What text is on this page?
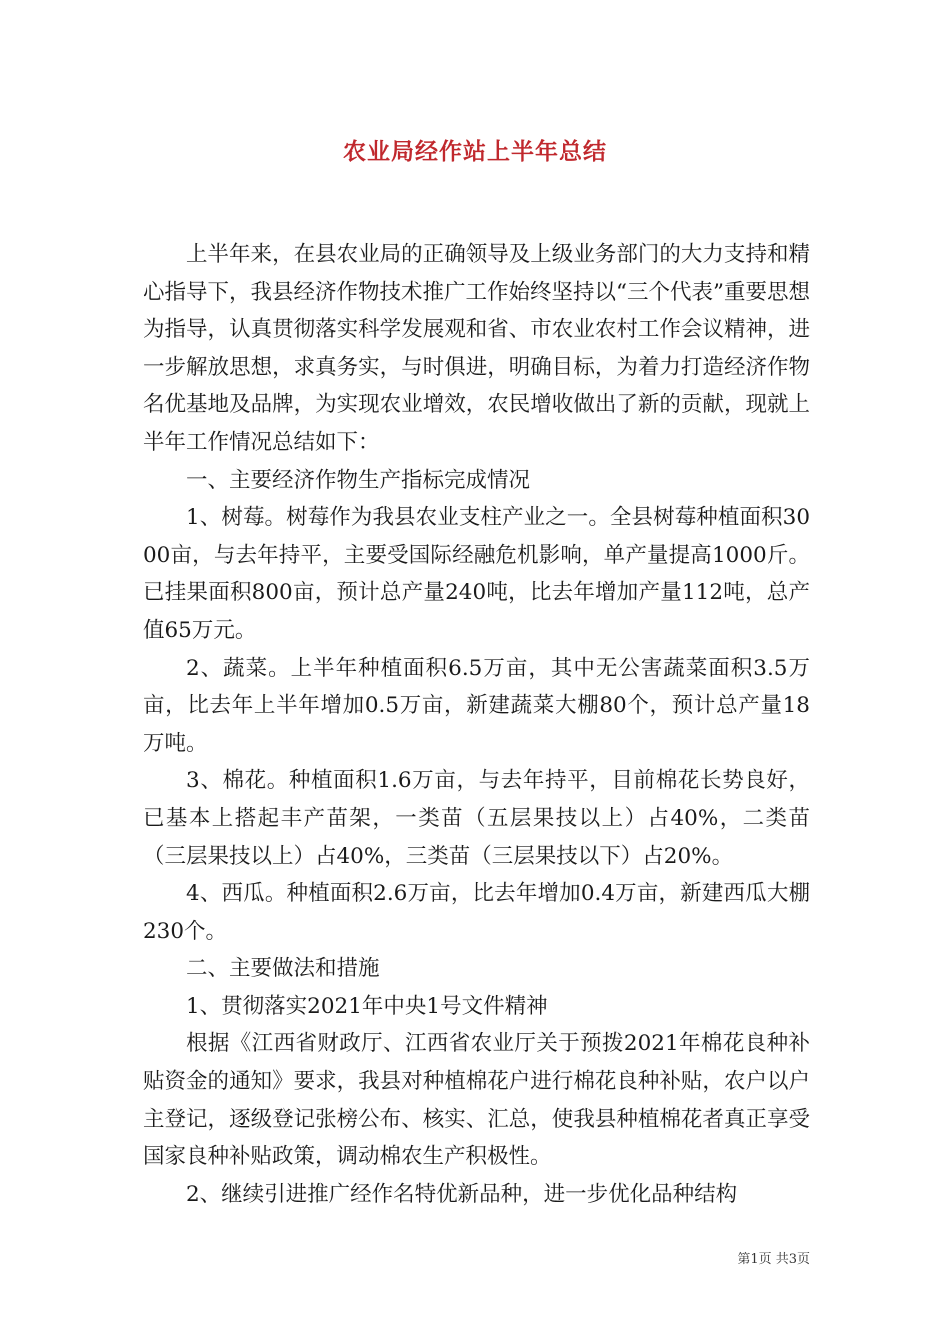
农业局经作站上半年总结

上半年来，在县农业局的正确领导及上级业务部门的大力支持和精心指导下，我县经济作物技术推广工作始终坚持以“三个代表”重要思想为指导，认真贯彻落实科学发展观和省、市农业农村工作会议精神，进一步解放思想，求真务实，与时俱进，明确目标，为着力打造经济作物名优基地及品牌，为实现农业增效，农民增收做出了新的贡献，现就上半年工作情况总结如下：

一、主要经济作物生产指标完成情况

1、树莓。树莓作为我县农业支柱产业之一。全县树莓种植面积3000亩，与去年持平，主要受国际经融危机影响，单产量提高1000斤。已挂果面积800亩，预计总产量240吨，比去年增加产量112吨，总产值65万元。

2、蔬菜。上半年种植面积6.5万亩，其中无公害蔬菜面积3.5万亩，比去年上半年增加0.5万亩，新建蔬菜大棚80个，预计总产量18万吨。

3、棉花。种植面积1.6万亩，与去年持平，目前棉花长势良好，已基本上搭起丰产苗架，一类苗（五层果技以上）占40%，二类苗（三层果技以上）占40%，三类苗（三层果技以下）占20%。

4、西瓜。种植面积2.6万亩，比去年增加0.4万亩，新建西瓜大棚230个。

二、主要做法和措施

1、贯彻落实2021年中央1号文件精神

根据《江西省财政厅、江西省农业厅关于预拨2021年棉花良种补贴资金的通知》要求，我县对种植棉花户进行棉花良种补贴，农户以户主登记，逐级登记张榜公布、核实、汇总，使我县种植棉花者真正享受国家良种补贴政策，调动棉农生产积极性。

2、继续引进推广经作名特优新品种，进一步优化品种结构

第1页 共3页
